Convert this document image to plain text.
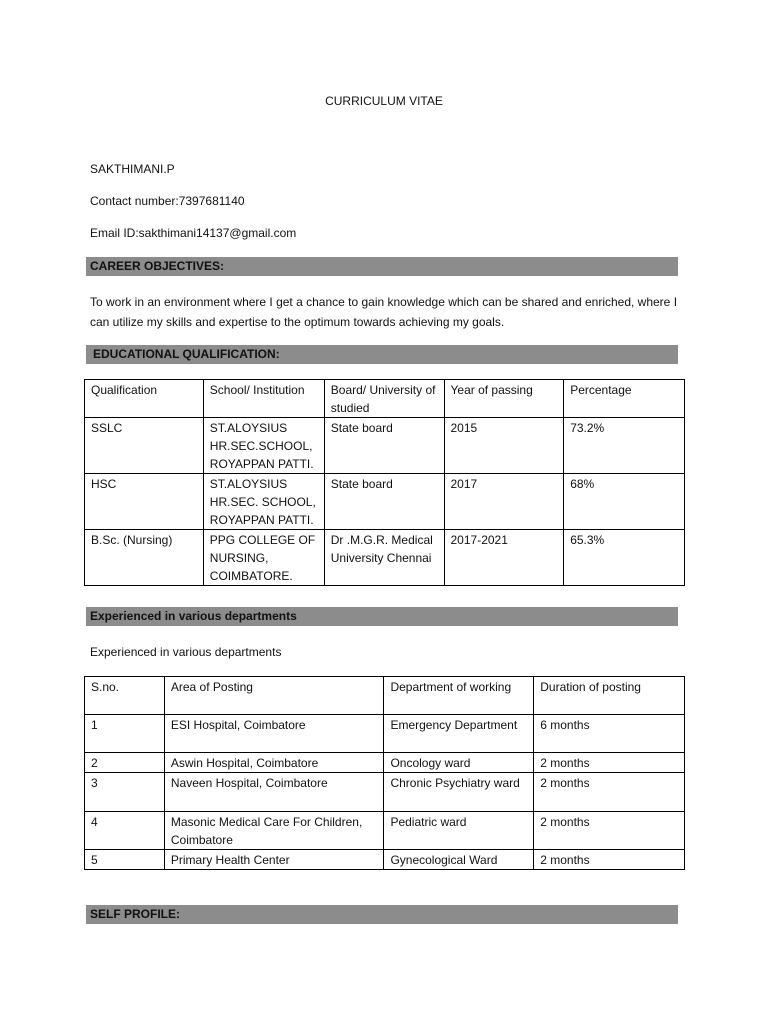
CURRICULUM VITAE
SAKTHIMANI.P
Contact number:7397681140
Email ID:sakthimani14137@gmail.com
CAREER OBJECTIVES:
To work in an environment where I get a chance to gain knowledge which can be shared and enriched, where I can utilize my skills and expertise to the optimum towards achieving my goals.
EDUCATIONAL QUALIFICATION:
Qualification	School/ Institution	Board/ University of studied	Year of passing	Percentage
SSLC	ST.ALOYSIUS HR.SEC.SCHOOL, ROYAPPAN PATTI.	State board	2015	73.2%
HSC	ST.ALOYSIUS HR.SEC. SCHOOL, ROYAPPAN PATTI.	State board	2017	68%
B.Sc. (Nursing)	PPG COLLEGE OF NURSING, COIMBATORE.	Dr .M.G.R. Medical University Chennai	2017-2021	65.3%
Experienced in various departments
Experienced in various departments
S.no.	Area of Posting	Department of working	Duration of posting
1	ESI Hospital, Coimbatore	Emergency Department	6 months
2	Aswin Hospital, Coimbatore	Oncology ward	2 months
3	Naveen Hospital, Coimbatore	Chronic Psychiatry ward	2 months
4	Masonic Medical Care For Children, Coimbatore	Pediatric ward	2 months
5	Primary Health Center	Gynecological Ward	2 months
SELF PROFILE:
